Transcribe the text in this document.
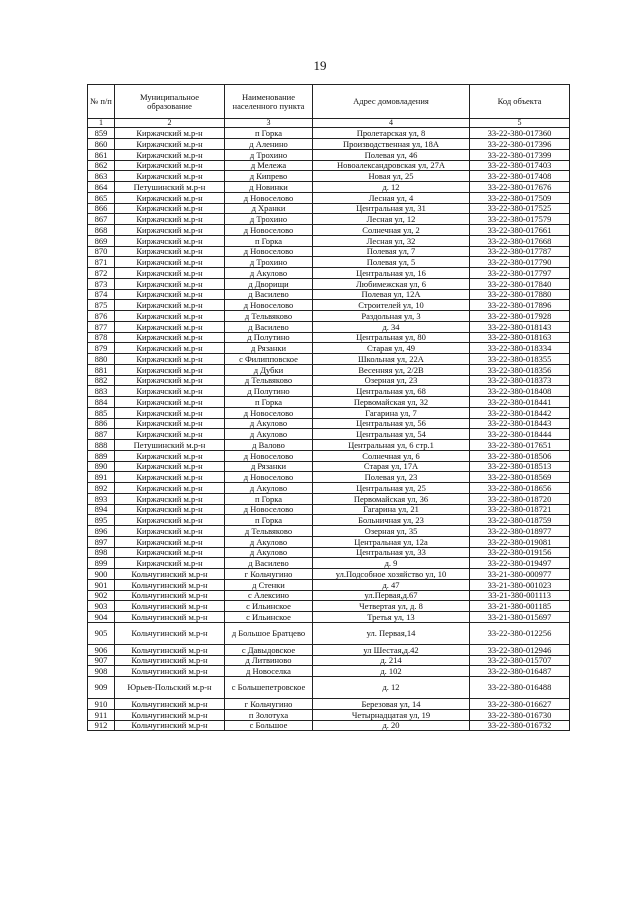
19
№ п/п	Муниципальное образование	Наименование населенного пункта	Адрес домовладения	Код объекта
1	2	3	4	5
859	Киржачский м.р-н	п Горка	Пролетарская ул, 8	33-22-380-017360
860	Киржачский м.р-н	д Аленино	Производственная ул, 18А	33-22-380-017396
861	Киржачский м.р-н	д Трохино	Полевая ул, 46	33-22-380-017399
862	Киржачский м.р-н	д Мележа	Новоалександровская ул, 27А	33-22-380-017403
863	Киржачский м.р-н	д Кипрево	Новая ул, 25	33-22-380-017408
864	Петушинский м.р-н	д Новинки	д. 12	33-22-380-017676
865	Киржачский м.р-н	д Новоселово	Лесная ул, 4	33-22-380-017509
866	Киржачский м.р-н	д Хранки	Центральная ул, 31	33-22-380-017525
867	Киржачский м.р-н	д Трохино	Лесная ул, 12	33-22-380-017579
868	Киржачский м.р-н	д Новоселово	Солнечная ул, 2	33-22-380-017661
869	Киржачский м.р-н	п Горка	Лесная ул, 32	33-22-380-017668
870	Киржачский м.р-н	д Новоселово	Полевая ул, 7	33-22-380-017787
871	Киржачский м.р-н	д Трохино	Полевая ул, 5	33-22-380-017790
872	Киржачский м.р-н	д Акулово	Центральная ул, 16	33-22-380-017797
873	Киржачский м.р-н	д Дворищи	Любимежская ул, 6	33-22-380-017840
874	Киржачский м.р-н	д Василево	Полевая ул, 12А	33-22-380-017880
875	Киржачский м.р-н	д Новоселово	Строителей ул, 10	33-22-380-017896
876	Киржачский м.р-н	д Тельвяково	Раздольная ул, 3	33-22-380-017928
877	Киржачский м.р-н	д Василево	д. 34	33-22-380-018143
878	Киржачский м.р-н	д Полутино	Центральная ул, 80	33-22-380-018163
879	Киржачский м.р-н	д Рязанки	Старая ул, 49	33-22-380-018334
880	Киржачский м.р-н	с Филипповское	Школьная ул, 22А	33-22-380-018355
881	Киржачский м.р-н	д Дубки	Весенняя ул, 2/2В	33-22-380-018356
882	Киржачский м.р-н	д Тельвяково	Озерная ул, 23	33-22-380-018373
883	Киржачский м.р-н	д Полутино	Центральная ул, 68	33-22-380-018408
884	Киржачский м.р-н	п Горка	Первомайская ул, 32	33-22-380-018441
885	Киржачский м.р-н	д Новоселово	Гагарина ул, 7	33-22-380-018442
886	Киржачский м.р-н	д Акулово	Центральная ул, 56	33-22-380-018443
887	Киржачский м.р-н	д Акулово	Центральная ул, 54	33-22-380-018444
888	Петушинский м.р-н	д Валово	Центральная ул, 6 стр.1	33-22-380-017651
889	Киржачский м.р-н	д Новоселово	Солнечная ул, 6	33-22-380-018506
890	Киржачский м.р-н	д Рязанки	Старая ул, 17А	33-22-380-018513
891	Киржачский м.р-н	д Новоселово	Полевая ул, 23	33-22-380-018569
892	Киржачский м.р-н	д Акулово	Центральная ул, 25	33-22-380-018656
893	Киржачский м.р-н	п Горка	Первомайская ул, 36	33-22-380-018720
894	Киржачский м.р-н	д Новоселово	Гагарина ул, 21	33-22-380-018721
895	Киржачский м.р-н	п Горка	Больничная ул, 23	33-22-380-018759
896	Киржачский м.р-н	д Тельвяково	Озерная ул, 35	33-22-380-018977
897	Киржачский м.р-н	д Акулово	Центральная ул, 12а	33-22-380-019081
898	Киржачский м.р-н	д Акулово	Центральная ул, 33	33-22-380-019156
899	Киржачский м.р-н	д Василево	д. 9	33-22-380-019497
900	Кольчугинский м.р-н	г Кольчугино	ул.Подсобное хозяйство ул, 10	33-21-380-000977
901	Кольчугинский м.р-н	д Стенки	д. 47	33-21-380-001023
902	Кольчугинский м.р-н	с Алексино	ул.Первая,д.67	33-21-380-001113
903	Кольчугинский м.р-н	с Ильинское	Четвертая ул, д. 8	33-21-380-001185
904	Кольчугинский м.р-н	с Ильинское	Третья ул, 13	33-21-380-015697
905	Кольчугинский м.р-н	д Большое Братцево	ул. Первая,14	33-22-380-012256
906	Кольчугинский м.р-н	с Давыдовское	ул Шестая,д.42	33-22-380-012946
907	Кольчугинский м.р-н	д Литвиново	д. 214	33-22-380-015707
908	Кольчугинский м.р-н	д Новоселка	д. 102	33-22-380-016487
909	Юрьев-Польский м.р-н	с Большепетровское	д. 12	33-22-380-016488
910	Кольчугинский м.р-н	г Кольчугино	Березовая ул, 14	33-22-380-016627
911	Кольчугинский м.р-н	п Золотуха	Четырнадцатая ул, 19	33-22-380-016730
912	Кольчугинский м.р-н	с Большое	д. 20	33-22-380-016732
